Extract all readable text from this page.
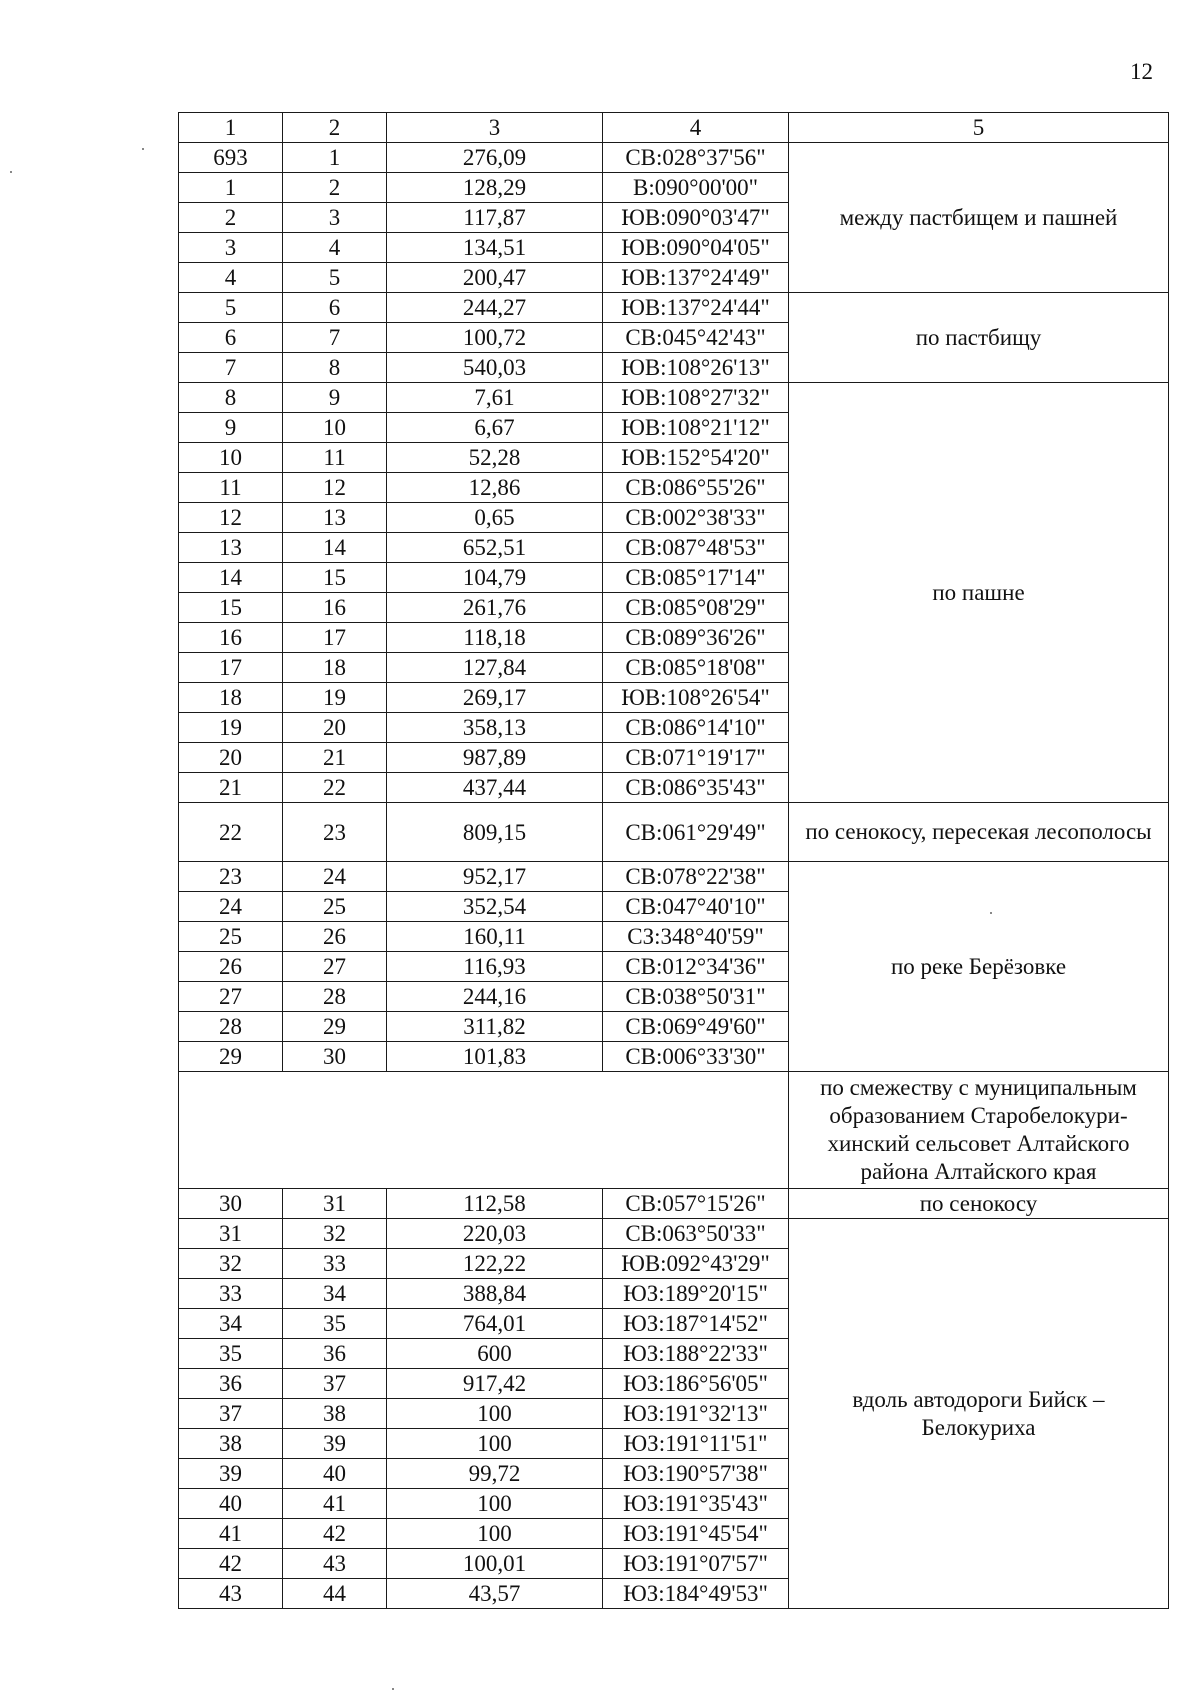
12
1	2	3	4	5
693	1	276,09	СВ:028°37'56"	между пастбищем и пашней
1	2	128,29	В:090°00'00"	
2	3	117,87	ЮВ:090°03'47"	
3	4	134,51	ЮВ:090°04'05"	
4	5	200,47	ЮВ:137°24'49"	
5	6	244,27	ЮВ:137°24'44"	по пастбищу
6	7	100,72	СВ:045°42'43"	
7	8	540,03	ЮВ:108°26'13"	
8	9	7,61	ЮВ:108°27'32"	по пашне
9	10	6,67	ЮВ:108°21'12"	
10	11	52,28	ЮВ:152°54'20"	
11	12	12,86	СВ:086°55'26"	
12	13	0,65	СВ:002°38'33"	
13	14	652,51	СВ:087°48'53"	
14	15	104,79	СВ:085°17'14"	
15	16	261,76	СВ:085°08'29"	
16	17	118,18	СВ:089°36'26"	
17	18	127,84	СВ:085°18'08"	
18	19	269,17	ЮВ:108°26'54"	
19	20	358,13	СВ:086°14'10"	
20	21	987,89	СВ:071°19'17"	
21	22	437,44	СВ:086°35'43"	
22	23	809,15	СВ:061°29'49"	по сенокосу, пересекая лесополосы
23	24	952,17	СВ:078°22'38"	по реке Берёзовке
24	25	352,54	СВ:047°40'10"	
25	26	160,11	СЗ:348°40'59"	
26	27	116,93	СВ:012°34'36"	
27	28	244,16	СВ:038°50'31"	
28	29	311,82	СВ:069°49'60"	
29	30	101,83	СВ:006°33'30"	
				по смежеству с муниципальным образованием Старобелокури-хинский сельсовет Алтайского района Алтайского края
30	31	112,58	СВ:057°15'26"	по сенокосу
31	32	220,03	СВ:063°50'33"	вдоль автодороги Бийск – Белокуриха
32	33	122,22	ЮВ:092°43'29"	
33	34	388,84	ЮЗ:189°20'15"	
34	35	764,01	ЮЗ:187°14'52"	
35	36	600	ЮЗ:188°22'33"	
36	37	917,42	ЮЗ:186°56'05"	
37	38	100	ЮЗ:191°32'13"	
38	39	100	ЮЗ:191°11'51"	
39	40	99,72	ЮЗ:190°57'38"	
40	41	100	ЮЗ:191°35'43"	
41	42	100	ЮЗ:191°45'54"	
42	43	100,01	ЮЗ:191°07'57"	
43	44	43,57	ЮЗ:184°49'53"	
